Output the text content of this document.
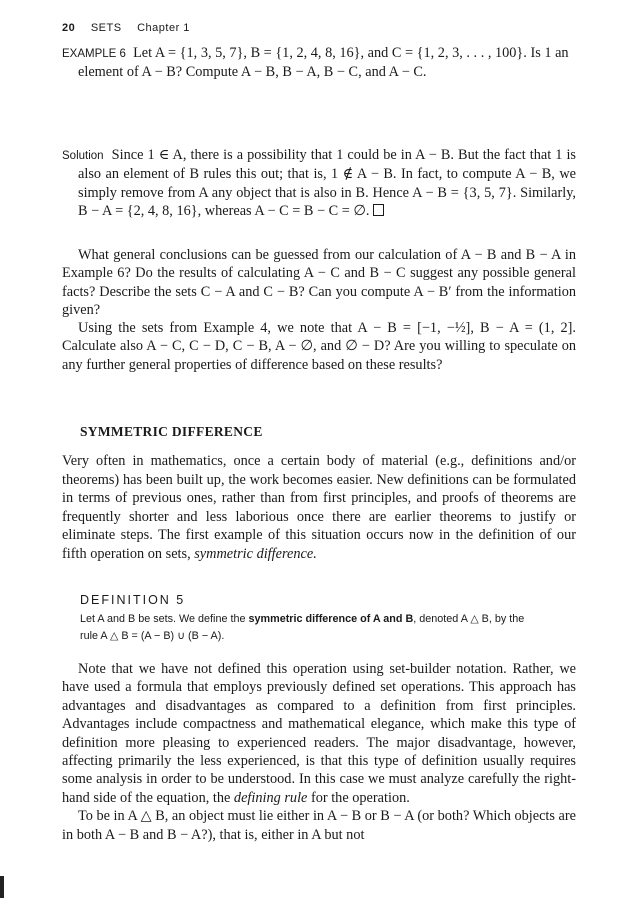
20 SETS Chapter 1

EXAMPLE 6 Let A = {1, 3, 5, 7}, B = {1, 2, 4, 8, 16}, and C = {1, 2, 3, . . . , 100}. Is 1 an element of A − B? Compute A − B, B − A, B − C, and A − C.

Solution Since 1 ∈ A, there is a possibility that 1 could be in A − B. But the fact that 1 is also an element of B rules this out; that is, 1 ∉ A − B. In fact, to compute A − B, we simply remove from A any object that is also in B. Hence A − B = {3, 5, 7}. Similarly, B − A = {2, 4, 8, 16}, whereas A − C = B − C = ∅.

What general conclusions can be guessed from our calculation of A − B and B − A in Example 6? Do the results of calculating A − C and B − C suggest any possible general facts? Describe the sets C − A and C − B? Can you compute A − B′ from the information given?

Using the sets from Example 4, we note that A − B = [−1, −½], B − A = (1, 2]. Calculate also A − C, C − D, C − B, A − ∅, and ∅ − D? Are you willing to speculate on any further general properties of difference based on these results?

SYMMETRIC DIFFERENCE

Very often in mathematics, once a certain body of material (e.g., definitions and/or theorems) has been built up, the work becomes easier. New definitions can be formulated in terms of previous ones, rather than from first principles, and proofs of theorems are frequently shorter and less laborious once there are earlier theorems to justify or eliminate steps. The first example of this situation occurs now in the definition of our fifth operation on sets, symmetric difference.

DEFINITION 5
Let A and B be sets. We define the symmetric difference of A and B, denoted A △ B, by the rule A △ B = (A − B) ∪ (B − A).

Note that we have not defined this operation using set-builder notation. Rather, we have used a formula that employs previously defined set operations. This approach has advantages and disadvantages as compared to a definition from first principles. Advantages include compactness and mathematical elegance, which make this type of definition more pleasing to experienced readers. The major disadvantage, however, affecting primarily the less experienced, is that this type of definition usually requires some analysis in order to be understood. In this case we must analyze carefully the right-hand side of the equation, the defining rule for the operation.

To be in A △ B, an object must lie either in A − B or B − A (or both? Which objects are in both A − B and B − A?), that is, either in A but not
